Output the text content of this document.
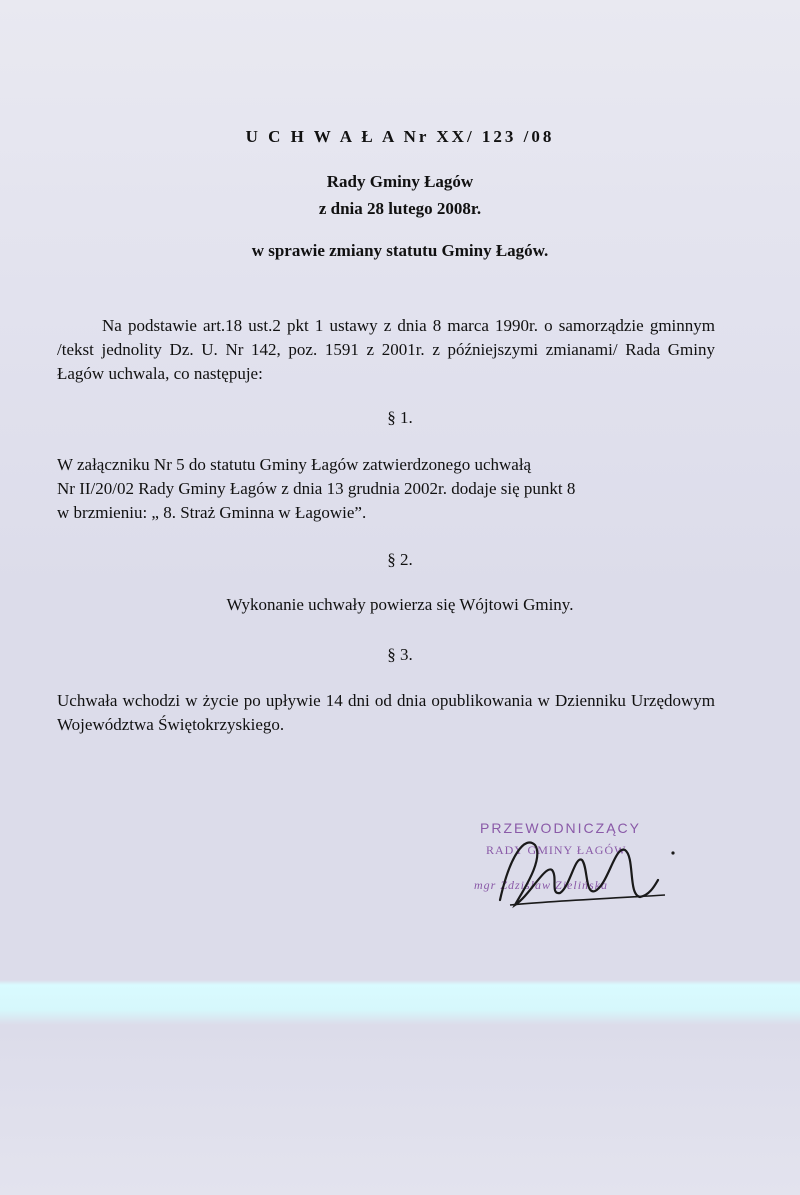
U C H W A Ł A Nr XX/ 123 /08
Rady Gminy Łagów
z dnia 28 lutego 2008r.
w sprawie zmiany statutu Gminy Łagów.
Na podstawie art.18 ust.2 pkt 1 ustawy z dnia 8 marca 1990r. o samorządzie gminnym /tekst jednolity Dz. U. Nr 142, poz. 1591 z 2001r. z późniejszymi zmianami/ Rada Gminy Łagów uchwala, co następuje:
§ 1.
W załączniku Nr 5 do statutu Gminy Łagów zatwierdzonego uchwałą
Nr II/20/02 Rady Gminy Łagów z dnia 13 grudnia 2002r. dodaje się punkt 8
w brzmieniu: „ 8. Straż Gminna w Łagowie”.
§ 2.
Wykonanie uchwały powierza się Wójtowi Gminy.
§ 3.
Uchwała wchodzi w życie po upływie 14 dni od dnia opublikowania w Dzienniku Urzędowym Województwa Świętokrzyskiego.
PRZEWODNICZĄCY
RADY GMINY ŁAGÓW
mgr Zdzisław Zielińska
